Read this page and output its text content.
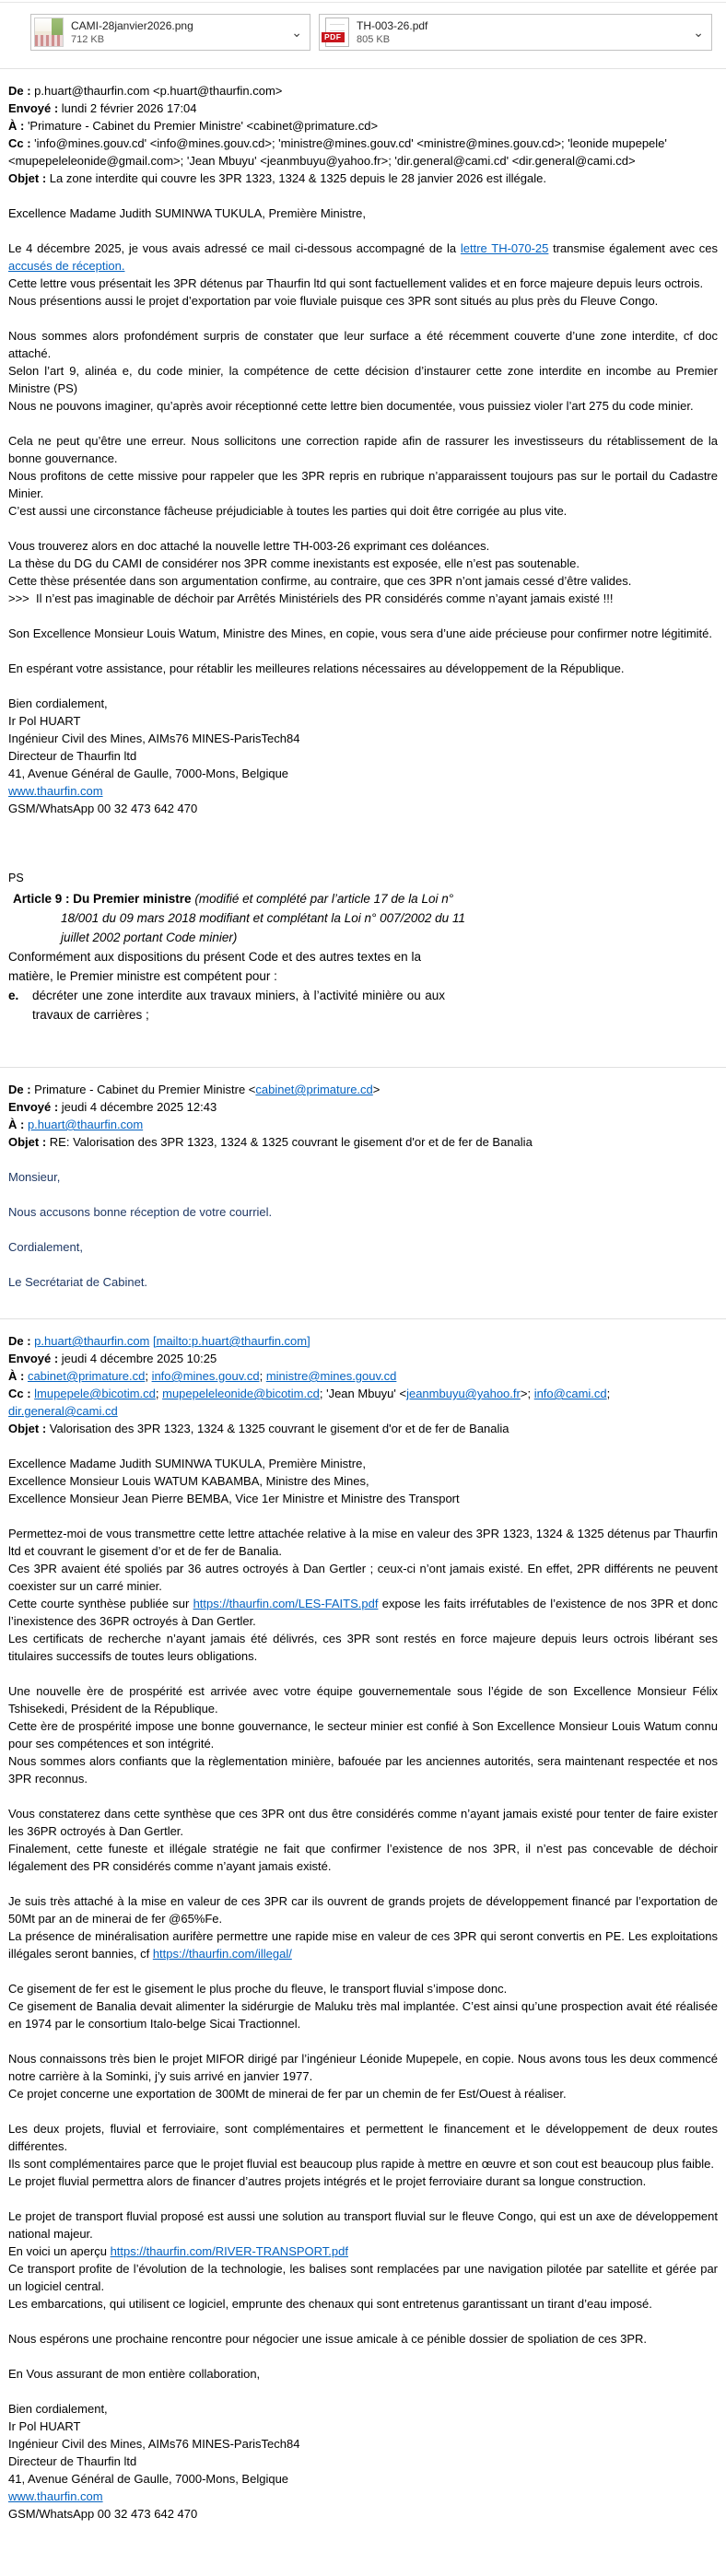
CAMI-28janvier2026.png
712 KB	⌄	PDF
TH-003-26.pdf
805 KB	⌄
De : p.huart@thaurfin.com <p.huart@thaurfin.com>
Envoyé : lundi 2 février 2026 17:04
À : 'Primature - Cabinet du Premier Ministre' <cabinet@primature.cd>
Cc : 'info@mines.gouv.cd' <info@mines.gouv.cd>; 'ministre@mines.gouv.cd' <ministre@mines.gouv.cd>; 'leonide mupepele' <mupepeleleonide@gmail.com>; 'Jean Mbuyu' <jeanmbuyu@yahoo.fr>; 'dir.general@cami.cd' <dir.general@cami.cd>
Objet : La zone interdite qui couvre les 3PR 1323, 1324 & 1325 depuis le 28 janvier 2026 est illégale.

Excellence Madame Judith SUMINWA TUKULA, Première Ministre,

Le 4 décembre 2025, je vous avais adressé ce mail ci-dessous accompagné de la lettre TH-070-25 transmise également avec ces accusés de réception.
Cette lettre vous présentait les 3PR détenus par Thaurfin ltd qui sont factuellement valides et en force majeure depuis leurs octrois.
Nous présentions aussi le projet d’exportation par voie fluviale puisque ces 3PR sont situés au plus près du Fleuve Congo.

Nous sommes alors profondément surpris de constater que leur surface a été récemment couverte d’une zone interdite, cf doc attaché.
Selon l’art 9, alinéa e, du code minier, la compétence de cette décision d’instaurer cette zone interdite en incombe au Premier Ministre (PS)
Nous ne pouvons imaginer, qu’après avoir réceptionné cette lettre bien documentée, vous puissiez violer l’art 275 du code minier.

Cela ne peut qu’être une erreur. Nous sollicitons une correction rapide afin de rassurer les investisseurs du rétablissement de la bonne gouvernance.
Nous profitons de cette missive pour rappeler que les 3PR repris en rubrique n’apparaissent toujours pas sur le portail du Cadastre Minier.
C’est aussi une circonstance fâcheuse préjudiciable à toutes les parties qui doit être corrigée au plus vite.

Vous trouverez alors en doc attaché la nouvelle lettre TH-003-26 exprimant ces doléances.
La thèse du DG du CAMI de considérer nos 3PR comme inexistants est exposée, elle n’est pas soutenable.
Cette thèse présentée dans son argumentation confirme, au contraire, que ces 3PR n’ont jamais cessé d’être valides.
>>>  Il n’est pas imaginable de déchoir par Arrêtés Ministériels des PR considérés comme n’ayant jamais existé !!!

Son Excellence Monsieur Louis Watum, Ministre des Mines, en copie, vous sera d’une aide précieuse pour confirmer notre légitimité.

En espérant votre assistance, pour rétablir les meilleures relations nécessaires au développement de la République.

Bien cordialement,
Ir Pol HUART
Ingénieur Civil des Mines, AIMs76 MINES-ParisTech84
Directeur de Thaurfin ltd
41, Avenue Général de Gaulle, 7000-Mons, Belgique
www.thaurfin.com
GSM/WhatsApp 00 32 473 642 470

PS
Article 9 : Du Premier ministre (modifié et complété par l’article 17 de la Loi n° 18/001 du 09 mars 2018 modifiant et complétant la Loi n° 007/2002 du 11 juillet 2002 portant Code minier)
Conformément aux dispositions du présent Code et des autres textes en la matière, le Premier ministre est compétent pour :
e. décréter une zone interdite aux travaux miniers, à l’activité minière ou aux travaux de carrières ;
De : Primature - Cabinet du Premier Ministre <cabinet@primature.cd>
Envoyé : jeudi 4 décembre 2025 12:43
À : p.huart@thaurfin.com
Objet : RE: Valorisation des 3PR 1323, 1324 & 1325 couvrant le gisement d'or et de fer de Banalia

Monsieur,

Nous accusons bonne réception de votre courriel.

Cordialement,

Le Secrétariat de Cabinet.
De : p.huart@thaurfin.com [mailto:p.huart@thaurfin.com]
Envoyé : jeudi 4 décembre 2025 10:25
À : cabinet@primature.cd; info@mines.gouv.cd; ministre@mines.gouv.cd
Cc : lmupepele@bicotim.cd; mupepeleleonide@bicotim.cd; 'Jean Mbuyu' <jeanmbuyu@yahoo.fr>; info@cami.cd; dir.general@cami.cd
Objet : Valorisation des 3PR 1323, 1324 & 1325 couvrant le gisement d'or et de fer de Banalia

Excellence Madame Judith SUMINWA TUKULA, Première Ministre,
Excellence Monsieur Louis WATUM KABAMBA, Ministre des Mines,
Excellence Monsieur Jean Pierre BEMBA, Vice 1er Ministre et Ministre des Transport

Permettez-moi de vous transmettre cette lettre attachée relative à la mise en valeur des 3PR 1323, 1324 & 1325 détenus par Thaurfin ltd et couvrant le gisement d’or et de fer de Banalia.
Ces 3PR avaient été spoliés par 36 autres octroyés à Dan Gertler ; ceux-ci n’ont jamais existé. En effet, 2PR différents ne peuvent coexister sur un carré minier.
Cette courte synthèse publiée sur https://thaurfin.com/LES-FAITS.pdf expose les faits irréfutables de l’existence de nos 3PR et donc l’inexistence des 36PR octroyés à Dan Gertler.
Les certificats de recherche n’ayant jamais été délivrés, ces 3PR sont restés en force majeure depuis leurs octrois libérant ses titulaires successifs de toutes leurs obligations.

Une nouvelle ère de prospérité est arrivée avec votre équipe gouvernementale sous l’égide de son Excellence Monsieur Félix Tshisekedi, Président de la République.
Cette ère de prospérité impose une bonne gouvernance, le secteur minier est confié à Son Excellence Monsieur Louis Watum connu pour ses compétences et son intégrité.
Nous sommes alors confiants que la règlementation minière, bafouée par les anciennes autorités, sera maintenant respectée et nos 3PR reconnus.

Vous constaterez dans cette synthèse que ces 3PR ont dus être considérés comme n’ayant jamais existé pour tenter de faire exister les 36PR octroyés à Dan Gertler.
Finalement, cette funeste et illégale stratégie ne fait que confirmer l’existence de nos 3PR, il n’est pas concevable de déchoir légalement des PR considérés comme n’ayant jamais existé.

Je suis très attaché à la mise en valeur de ces 3PR car ils ouvrent de grands projets de développement financé par l’exportation de 50Mt par an de minerai de fer @65%Fe.
La présence de minéralisation aurifère permettre une rapide mise en valeur de ces 3PR qui seront convertis en PE. Les exploitations illégales seront bannies, cf https://thaurfin.com/illegal/

Ce gisement de fer est le gisement le plus proche du fleuve, le transport fluvial s’impose donc.
Ce gisement de Banalia devait alimenter la sidérurgie de Maluku très mal implantée. C’est ainsi qu’une prospection avait été réalisée en 1974 par le consortium Italo-belge Sicai Tractionnel.

Nous connaissons très bien le projet MIFOR dirigé par l’ingénieur Léonide Mupepele, en copie. Nous avons tous les deux commencé notre carrière à la Sominki, j’y suis arrivé en janvier 1977.
Ce projet concerne une exportation de 300Mt de minerai de fer par un chemin de fer Est/Ouest à réaliser.

Les deux projets, fluvial et ferroviaire, sont complémentaires et permettent le financement et le développement de deux routes différentes.
Ils sont complémentaires parce que le projet fluvial est beaucoup plus rapide à mettre en œuvre et son cout est beaucoup plus faible.
Le projet fluvial permettra alors de financer d’autres projets intégrés et le projet ferroviaire durant sa longue construction.

Le projet de transport fluvial proposé est aussi une solution au transport fluvial sur le fleuve Congo, qui est un axe de développement national majeur.
En voici un aperçu https://thaurfin.com/RIVER-TRANSPORT.pdf
Ce transport profite de l’évolution de la technologie, les balises sont remplacées par une navigation pilotée par satellite et gérée par un logiciel central.
Les embarcations, qui utilisent ce logiciel, emprunte des chenaux qui sont entretenus garantissant un tirant d’eau imposé.

Nous espérons une prochaine rencontre pour négocier une issue amicale à ce pénible dossier de spoliation de ces 3PR.

En Vous assurant de mon entière collaboration,

Bien cordialement,
Ir Pol HUART
Ingénieur Civil des Mines, AIMs76 MINES-ParisTech84
Directeur de Thaurfin ltd
41, Avenue Général de Gaulle, 7000-Mons, Belgique
www.thaurfin.com
GSM/WhatsApp 00 32 473 642 470
